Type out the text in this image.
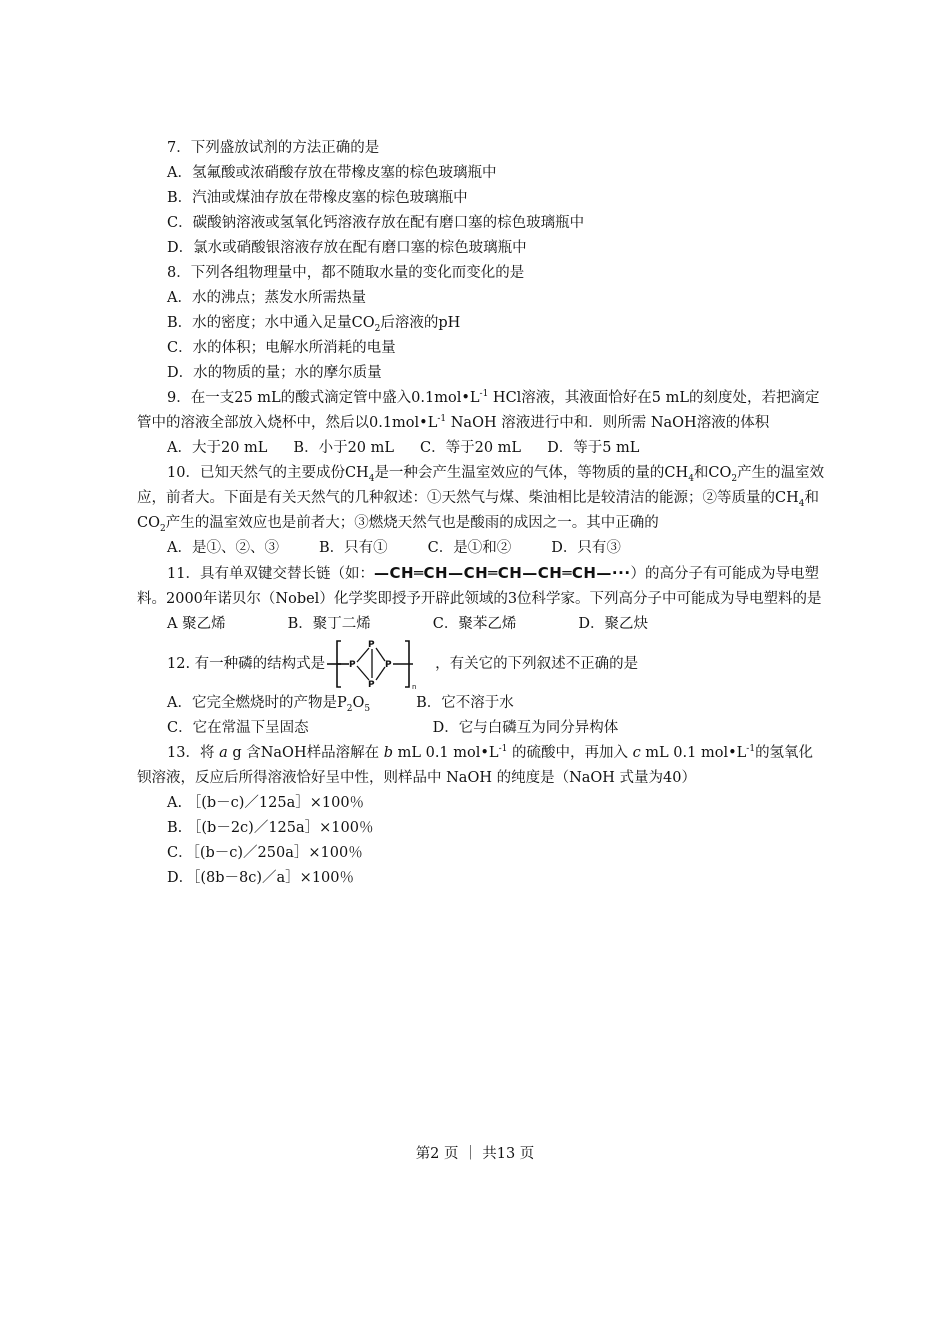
7．下列盛放试剂的方法正确的是
A．氢氟酸或浓硝酸存放在带橡皮塞的棕色玻璃瓶中
B．汽油或煤油存放在带橡皮塞的棕色玻璃瓶中
C．碳酸钠溶液或氢氧化钙溶液存放在配有磨口塞的棕色玻璃瓶中
D．氯水或硝酸银溶液存放在配有磨口塞的棕色玻璃瓶中
8．下列各组物理量中，都不随取水量的变化而变化的是
A．水的沸点；蒸发水所需热量
B．水的密度；水中通入足量$CO_2$后溶液的pH
C．水的体积；电解水所消耗的电量
D．水的物质的量；水的摩尔质量
9．在一支25 mL的酸式滴定管中盛入$0.1mol•L^{-1}$ HCl溶液，其液面恰好在5 mL的刻度处，若把滴定管中的溶液全部放入烧杯中，然后以$0.1mol•L^{-1}$ NaOH 溶液进行中和．则所需 NaOH溶液的体积
A．大于20 mL B．小于20 mL C．等于20 mL D．等于5 mL
10．已知天然气的主要成份$CH_4$是一种会产生温室效应的气体，等物质的量的$CH_4$和$CO_2$产生的温室效应，前者大。下面是有关天然气的几种叙述：①天然气与煤、柴油相比是较清洁的能源；②等质量的$CH_4$和$CO_2$产生的温室效应也是前者大；③燃烧天然气也是酸雨的成因之一。其中正确的
A．是①、②、③	B．只有①	C．是①和②	D．只有③
11．具有单双键交替长链（如：—CH═CH—CH═CH—CH═CH—···）的高分子有可能成为导电塑料。2000年诺贝尔（Nobel）化学奖即授予开辟此领域的3位科学家。下列高分子中可能成为导电塑料的是
A 聚乙烯	B．聚丁二烯	C．聚苯乙烯	D．聚乙炔
12. 有一种磷的结构式是	P
P
P
P
n
，有关它的下列叙述不正确的是
A．它完全燃烧时的产物是$P_2O_5$	B．它不溶于水
C．它在常温下呈固态	D．它与白磷互为同分异构体
13．将 a g 含NaOH样品溶解在 b mL 0.1 $mol•L^{-1}$ 的硫酸中，再加入 c mL 0.1 $mol•L^{-1}$的氢氧化钡溶液，反应后所得溶液恰好呈中性，则样品中 NaOH 的纯度是（NaOH 式量为40）
A. ［(b－c)／125a］×100％
B. ［(b－2c)／125a］×100％
C．［(b－c)／250a］×100％
D．［(8b－8c)／a］×100％
第2 页 ｜ 共13 页
